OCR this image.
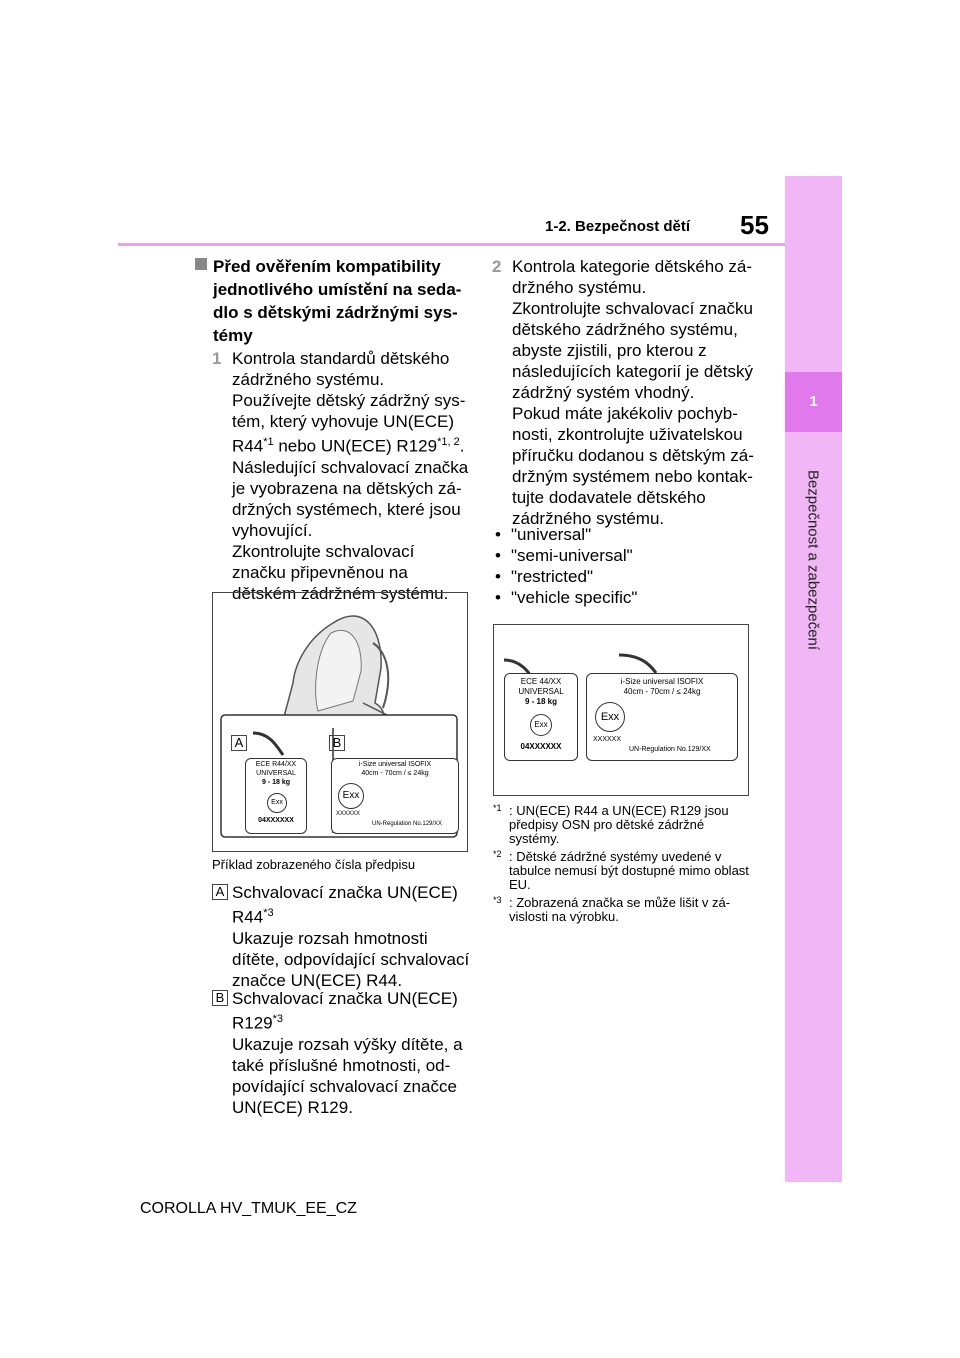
55
1-2. Bezpečnost dětí
1
Bezpečnost a zabezpečení
Před ověřením kompatibility jednotlivého umístění na sedadlo s dětskými zádržnými systémy
1 Kontrola standardů dětského zádržného systému.
Používejte dětský zádržný systém, který vyhovuje UN(ECE) R44$^{*1}$ nebo UN(ECE) R129$^{*1, 2}$.
Následující schvalovací značka je vyobrazena na dětských zádržných systémech, které jsou vyhovující.
Zkontrolujte schvalovací značku připevněnou na dětském zádržném systému.
A	B
ECE R44/XX
UNIVERSAL
9 - 18 kg
Exx
04XXXXXX
i-Size universal ISOFIX
40cm - 70cm / ≤ 24kg
Exx
XXXXXX
UN-Regulation No.129/XX
Příklad zobrazeného čísla předpisu
A Schvalovací značka UN(ECE) R44$^{*3}$
Ukazuje rozsah hmotnosti dítěte, odpovídající schvalovací značce UN(ECE) R44.
B Schvalovací značka UN(ECE) R129$^{*3}$
Ukazuje rozsah výšky dítěte, a také příslušné hmotnosti, odpovídající schvalovací značce UN(ECE) R129.
2 Kontrola kategorie dětského zádržného systému.
Zkontrolujte schvalovací značku dětského zádržného systému, abyste zjistili, pro kterou z následujících kategorií je dětský zádržný systém vhodný.
Pokud máte jakékoliv pochybnosti, zkontrolujte uživatelskou příručku dodanou s dětským zádržným systémem nebo kontaktujte dodavatele dětského zádržného systému.
• "universal"
• "semi-universal"
• "restricted"
• "vehicle specific"
ECE 44/XX
UNIVERSAL
9 - 18 kg
Exx
04XXXXXX
i-Size universal ISOFIX
40cm - 70cm / ≤ 24kg
Exx
XXXXXX
UN-Regulation No.129/XX
*1 : UN(ECE) R44 a UN(ECE) R129 jsou předpisy OSN pro dětské zádržné systémy.
*2 : Dětské zádržné systémy uvedené v tabulce nemusí být dostupné mimo oblast EU.
*3 : Zobrazená značka se může lišit v závislosti na výrobku.
COROLLA HV_TMUK_EE_CZ
